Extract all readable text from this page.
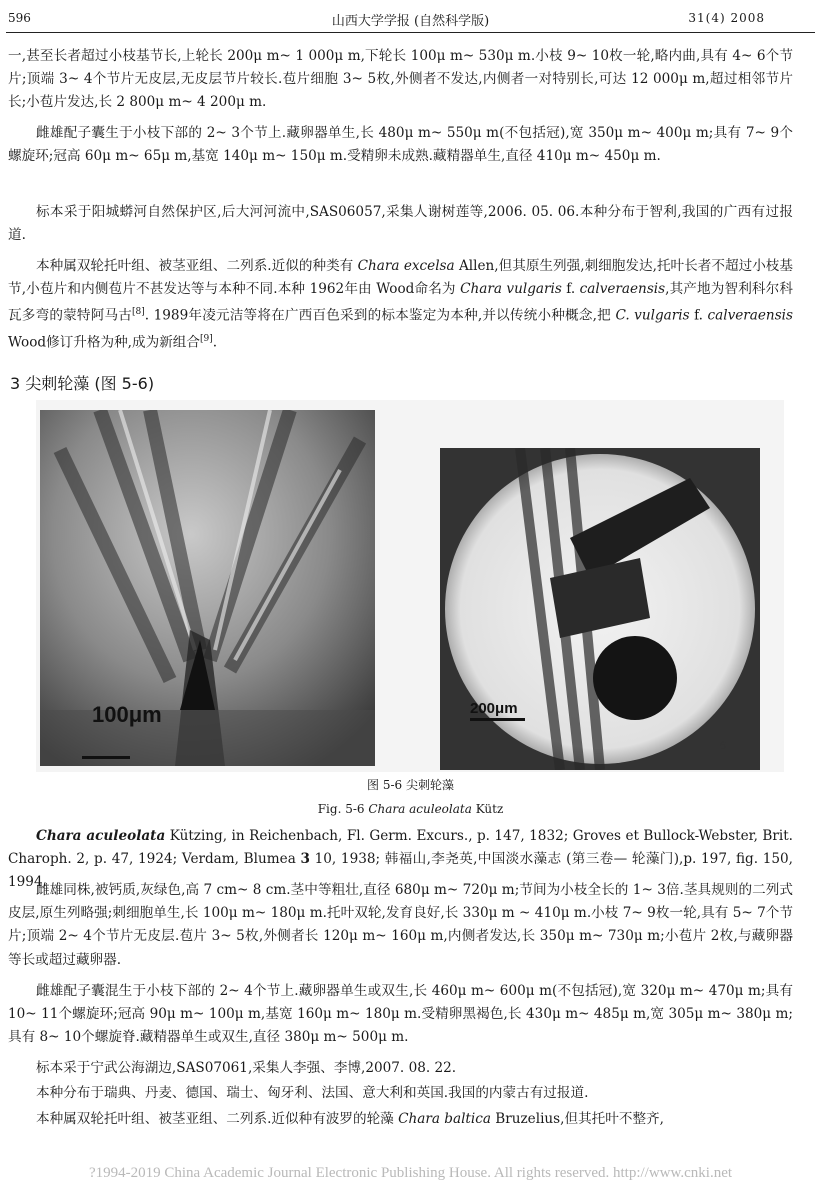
596	山西大学学报 (自然科学版)	31(4) 2008

一,甚至长者超过小枝基节长,上轮长 200μ m~ 1 000μ m,下轮长 100μ m~ 530μ m.小枝 9~ 10枚一轮,略内曲,具有 4~ 6个节片;顶端 3~ 4个节片无皮层,无皮层节片较长.苞片细胞 3~ 5枚,外侧者不发达,内侧者一对特别长,可达 12 000μ m,超过相邻节片长;小苞片发达,长 2 800μ m~ 4 200μ m.

雌雄配子囊生于小枝下部的 2~ 3个节上.藏卵器单生,长 480μ m~ 550μ m(不包括冠),宽 350μ m~ 400μ m;具有 7~ 9个螺旋环;冠高 60μ m~ 65μ m,基宽 140μ m~ 150μ m.受精卵未成熟.藏精器单生,直径 410μ m~ 450μ m.

标本采于阳城蟒河自然保护区,后大河河流中,SAS06057,采集人谢树莲等,2006. 05. 06.本种分布于智利,我国的广西有过报道.

本种属双轮托叶组、被茎亚组、二列系.近似的种类有 Chara excelsa Allen,但其原生列强,刺细胞发达,托叶长者不超过小枝基节,小苞片和内侧苞片不甚发达等与本种不同.本种 1962年由 Wood命名为 Chara vulgaris f. calveraensis,其产地为智利科尔科瓦多弯的蒙特阿马古[8]. 1989年凌元洁等将在广西百色采到的标本鉴定为本种,并以传统小种概念,把 C. vulgaris f. calveraensis Wood修订升格为种,成为新组合[9].

3 尖刺轮藻 (图 5-6)
100μm	200μm
6
图 5-6 尖刺轮藻
Fig. 5-6 Chara aculeolata Kütz

Chara aculeolata Kützing, in Reichenbach, Fl. Germ. Excurs., p. 147, 1832; Groves et Bullock-Webster, Brit. Charoph. 2, p. 47, 1924; Verdam, Blumea 3 10, 1938; 韩福山,李尧英,中国淡水藻志 (第三卷— 轮藻门),p. 197, fig. 150, 1994.

雌雄同株,被钙质,灰绿色,高 7 cm~ 8 cm.茎中等粗壮,直径 680μ m~ 720μ m;节间为小枝全长的 1~ 3倍.茎具规则的二列式皮层,原生列略强;刺细胞单生,长 100μ m~ 180μ m.托叶双轮,发育良好,长 330μ m ~ 410μ m.小枝 7~ 9枚一轮,具有 5~ 7个节片;顶端 2~ 4个节片无皮层.苞片 3~ 5枚,外侧者长 120μ m~ 160μ m,内侧者发达,长 350μ m~ 730μ m;小苞片 2枚,与藏卵器等长或超过藏卵器.

雌雄配子囊混生于小枝下部的 2~ 4个节上.藏卵器单生或双生,长 460μ m~ 600μ m(不包括冠),宽 320μ m~ 470μ m;具有 10~ 11个螺旋环;冠高 90μ m~ 100μ m,基宽 160μ m~ 180μ m.受精卵黑褐色,长 430μ m~ 485μ m,宽 305μ m~ 380μ m;具有 8~ 10个螺旋脊.藏精器单生或双生,直径 380μ m~ 500μ m.

标本采于宁武公海湖边,SAS07061,采集人李强、李博,2007. 08. 22.

本种分布于瑞典、丹麦、德国、瑞士、匈牙利、法国、意大利和英国.我国的内蒙古有过报道.

本种属双轮托叶组、被茎亚组、二列系.近似种有波罗的轮藻 Chara baltica Bruzelius,但其托叶不整齐,

?1994-2019 China Academic Journal Electronic Publishing House. All rights reserved. http://www.cnki.net
